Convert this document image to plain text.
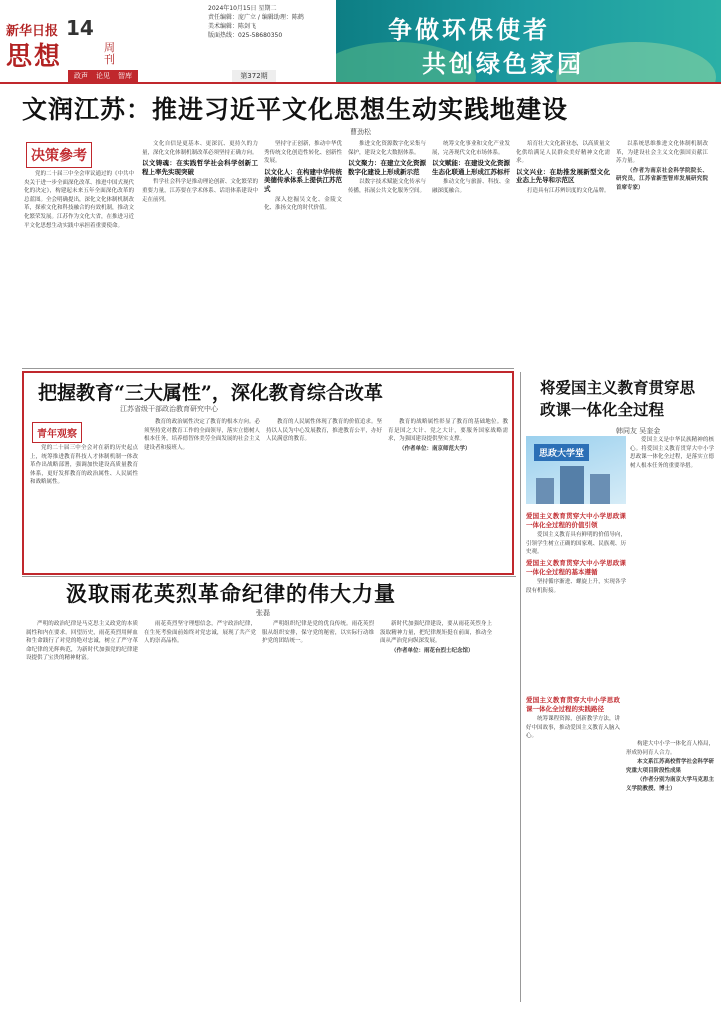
新华日报 14
思想	周刊
2024年10月15日 星期二
责任编辑：庞广立 / 编辑助理：陈鹤
美术编辑：陈剑飞
版面热线：025-58680350
政声 论见 智库	第372期
争做环保使者
共创绿色家园
文润江苏：推进习近平文化思想生动实践地建设
曹劲松
决策參考

党的二十届三中全会审议通过的《中共中央关于进一步全面深化改革、推进中国式现代化的决定》，构建起未来五年全面深化改革的总蓝图。全会明确提出，深化文化体制机制改革，探索文化和科技融合的有效机制，推动文化繁荣发展。江苏作为文化大省，在推进习近平文化思想生动实践中承担着重要使命。

文化自信是更基本、更深沉、更持久的力量，深化文化体制机制改革必须坚持正确方向。

以文铸魂：在实践哲学社会科学创新工程上率先实现突破

哲学社会科学是推动理论创新、文化繁荣的重要力量，江苏要在学术体系、话语体系建设中走在前列。

坚持守正创新，推动中华优秀传统文化创造性转化、创新性发展。

以文化人：在构建中华传统美德传承体系上提供江苏范式

深入挖掘吴文化、金陵文化、淮扬文化的时代价值。

推进文化资源数字化采集与保护，建设文化大数据体系。

以文聚力：在建立文化资源数字化建设上形成新示范

以数字技术赋能文化传承与传播，拓展公共文化服务空间。

统筹文化事业和文化产业发展，完善现代文化市场体系。

以文赋能：在建设文化资源生态化联通上形成江苏标杆

推动文化与旅游、科技、金融深度融合。

培育壮大文化新业态，以高质量文化供给满足人民群众美好精神文化需求。

以文兴业：在助推发展新型文化业态上先导和示范区

打造具有江苏辨识度的文化品牌。

以系统思维推进文化体制机制改革，为建设社会主义文化强国贡献江苏力量。

（作者为南京社会科学院院长、研究员，江苏省新型智库发展研究院首席专家）

把握教育“三大属性”，深化教育综合改革
江苏省级干部政治教育研究中心
青年观察

党的二十届三中全会对在新的历史起点上，统筹推进教育科技人才体制机制一体改革作出战略部署，强调加快建设高质量教育体系，更好发挥教育的政治属性、人民属性和战略属性。

教育的政治属性决定了教育的根本方向。必须坚持党对教育工作的全面领导，落实立德树人根本任务，培养德智体美劳全面发展的社会主义建设者和接班人。

教育的人民属性体现了教育的价值追求。坚持以人民为中心发展教育，推进教育公平，办好人民满意的教育。

教育的战略属性彰显了教育的基础地位。教育是国之大计、党之大计，要服务国家战略需求，为强国建设提供坚实支撑。

（作者单位：南京师范大学）

将爱国主义教育贯穿思政课一体化全过程
韩同友 吴奎金
思政大学堂

爱国主义是中华民族精神的核心。将爱国主义教育贯穿大中小学思政课一体化全过程，是落实立德树人根本任务的重要举措。

爱国主义教育贯穿大中小学思政课一体化全过程的价值引领

爱国主义教育具有鲜明的价值导向，引领学生树立正确的国家观、民族观、历史观。

爱国主义教育贯穿大中小学思政课一体化全过程的基本遵循

坚持循序渐进、螺旋上升，实现各学段有机衔接。

爱国主义教育贯穿大中小学思政课一体化全过程的实践路径

统筹课程资源，创新教学方法，讲好中国故事，推动爱国主义教育入脑入心。

构建大中小学一体化育人格局，形成协同育人合力。

本文系江苏高校哲学社会科学研究重大项目阶段性成果

（作者分别为南京大学马克思主义学院教授、博士）

汲取雨花英烈革命纪律的伟大力量
张磊

严明的政治纪律是马克思主义政党的本质属性和内在要求。回望历史，雨花英烈用鲜血和生命践行了对党的绝对忠诚，树立了严守革命纪律的光辉典范，为新时代加强党的纪律建设提供了宝贵的精神财富。

雨花英烈坚守理想信念，严守政治纪律，在生死考验面前始终对党忠诚，展现了共产党人的崇高品格。

严明组织纪律是党的优良传统。雨花英烈服从组织安排，保守党的秘密，以实际行动维护党的团结统一。

新时代加强纪律建设，要从雨花英烈身上汲取精神力量，把纪律规矩挺在前面，推动全面从严治党向纵深发展。

（作者单位：雨花台烈士纪念馆）
